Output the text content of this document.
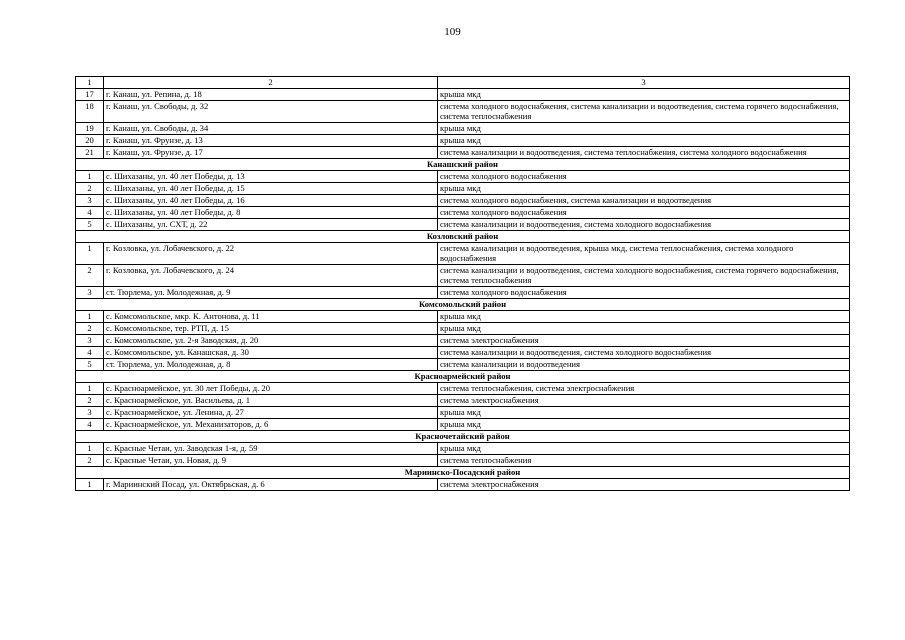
109
1	2	3
17	г. Канаш, ул. Репина, д. 18	крыша мкд
18	г. Канаш, ул. Свободы, д. 32	система холодного водоснабжения, система канализации и водоотведения, система горячего водоснабжения, система теплоснабжения
19	г. Канаш, ул. Свободы, д. 34	крыша мкд
20	г. Канаш, ул. Фрунзе, д. 13	крыша мкд
21	г. Канаш, ул. Фрунзе, д. 17	система канализации и водоотведения, система теплоснабжения, система холодного водоснабжения
Канашский район		
1	с. Шихазаны, ул. 40 лет Победы, д. 13	система холодного водоснабжения
2	с. Шихазаны, ул. 40 лет Победы, д. 15	крыша мкд
3	с. Шихазаны, ул. 40 лет Победы, д. 16	система холодного водоснабжения, система канализации и водоотведения
4	с. Шихазаны, ул. 40 лет Победы, д. 8	система холодного водоснабжения
5	с. Шихазаны, ул. СХТ, д. 22	система канализации и водоотведения, система холодного водоснабжения
Козловский район		
1	г. Козловка, ул. Лобачевского, д. 22	система канализации и водоотведения, крыша мкд, система теплоснабжения, система холодного водоснабжения
2	г. Козловка, ул. Лобачевского, д. 24	система канализации и водоотведения, система холодного водоснабжения, система горячего водоснабжения, система теплоснабжения
3	ст. Тюрлема, ул. Молодежная, д. 9	система холодного водоснабжения
Комсомольский район		
1	с. Комсомольское, мкр. К. Антонова, д. 11	крыша мкд
2	с. Комсомольское, тер. РТП, д. 15	крыша мкд
3	с. Комсомольское, ул. 2-я Заводская, д. 20	система электроснабжения
4	с. Комсомольское, ул. Канашская, д. 30	система канализации и водоотведения, система холодного водоснабжения
5	ст. Тюрлема, ул. Молодежная, д. 8	система канализации и водоотведения
Красноармейский район		
1	с. Красноармейское, ул. 30 лет Победы, д. 20	система теплоснабжения, система электроснабжения
2	с. Красноармейское, ул. Васильева, д. 1	система электроснабжения
3	с. Красноармейское, ул. Ленина, д. 27	крыша мкд
4	с. Красноармейское, ул. Механизаторов, д. 6	крыша мкд
Красночетайский район		
1	с. Красные Четаи, ул. Заводская 1-я, д. 59	крыша мкд
2	с. Красные Четаи, ул. Новая, д. 9	система теплоснабжения
Мариинско-Посадский район		
1	г. Мариинский Посад, ул. Октябрьская, д. 6	система электроснабжения
